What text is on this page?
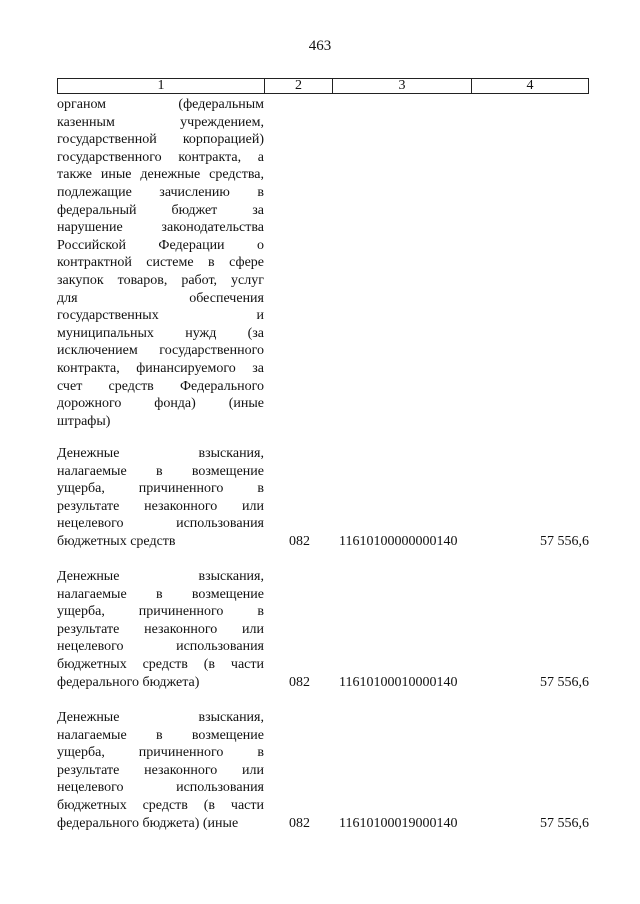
463
1	2	3	4
органом (федеральным
казенным учреждением,
государственной корпорацией)
государственного контракта, а
также иные денежные средства,
подлежащие зачислению в
федеральный бюджет за
нарушение законодательства
Российской Федерации о
контрактной системе в сфере
закупок товаров, работ, услуг
для обеспечения
государственных и
муниципальных нужд (за
исключением государственного
контракта, финансируемого за
счет средств Федерального
дорожного фонда) (иные
штрафы)
Денежные взыскания,
налагаемые в возмещение
ущерба, причиненного в
результате незаконного или
нецелевого использования
бюджетных средств	082 11610100000000140	57 556,6
Денежные взыскания,
налагаемые в возмещение
ущерба, причиненного в
результате незаконного или
нецелевого использования
бюджетных средств (в части
федерального бюджета)	082 11610100010000140	57 556,6
Денежные взыскания,
налагаемые в возмещение
ущерба, причиненного в
результате незаконного или
нецелевого использования
бюджетных средств (в части
федерального бюджета) (иные	082 11610100019000140	57 556,6
